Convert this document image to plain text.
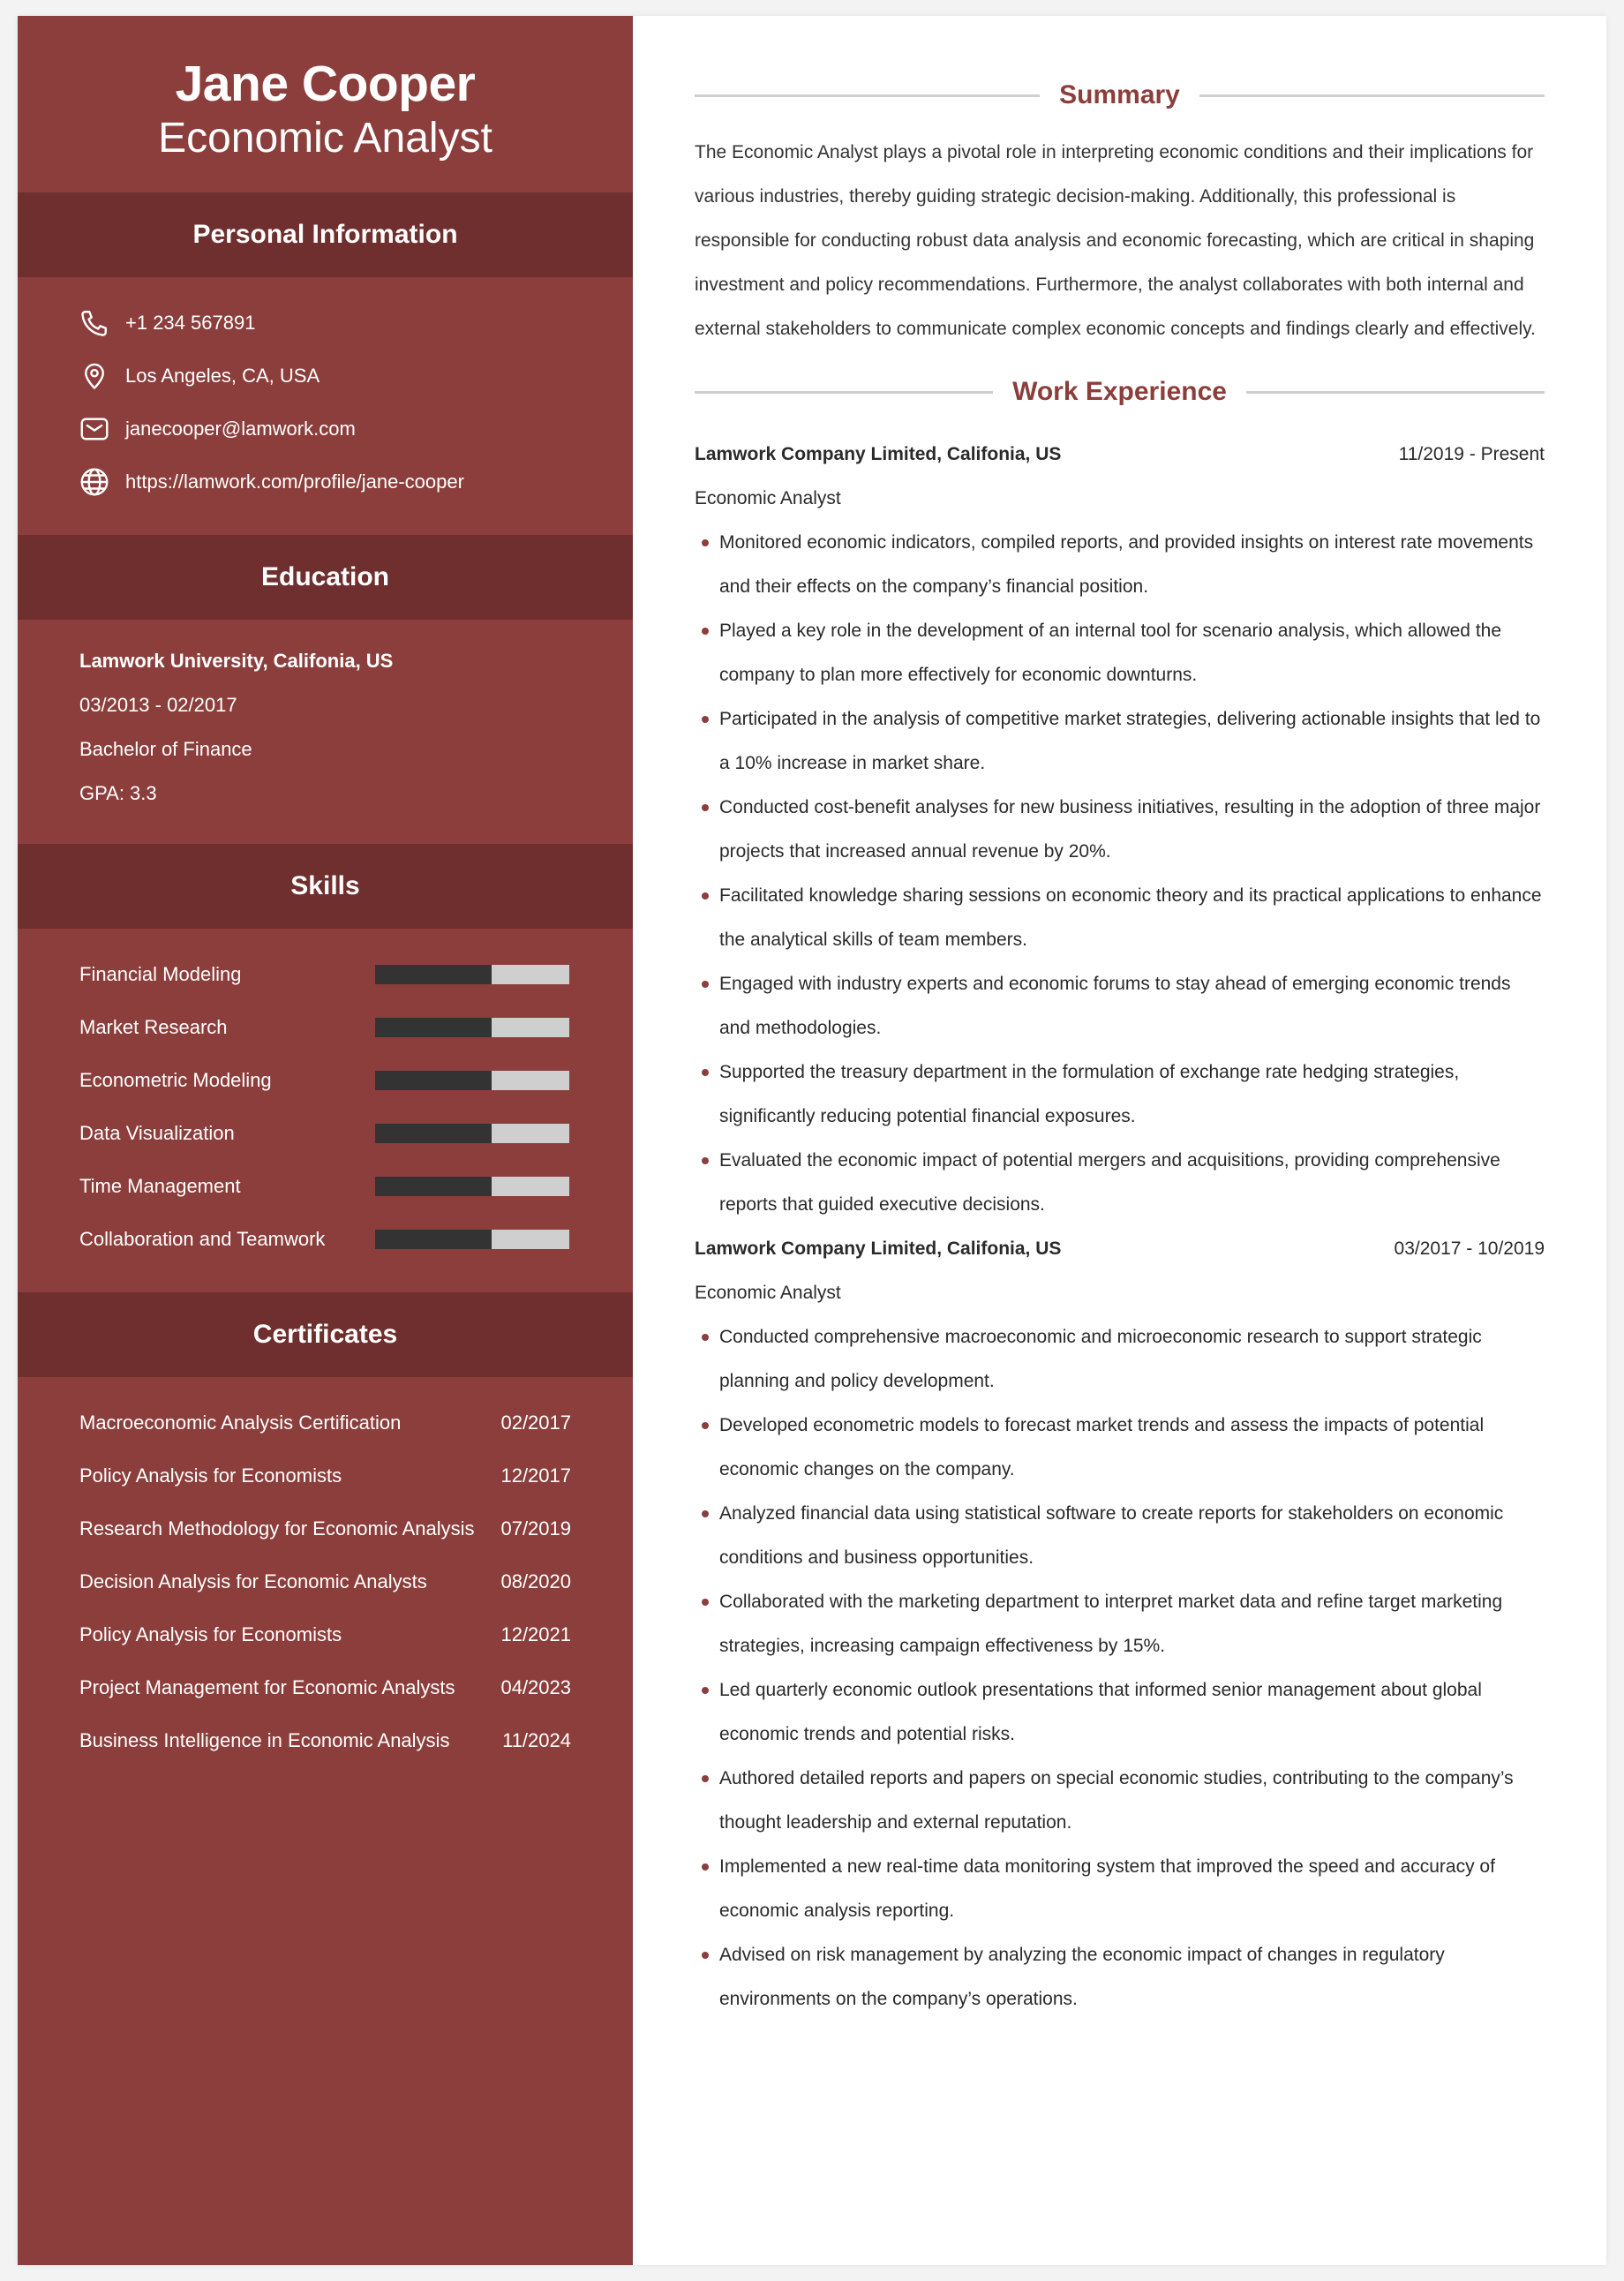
Jane Cooper
Economic Analyst
Personal Information
+1 234 567891
Los Angeles, CA, USA
janecooper@lamwork.com
https://lamwork.com/profile/jane-cooper
Education
Lamwork University, Califonia, US
03/2013 - 02/2017
Bachelor of Finance
GPA: 3.3
Skills
Financial Modeling
Market Research
Econometric Modeling
Data Visualization
Time Management
Collaboration and Teamwork
Certificates
Macroeconomic Analysis Certification	02/2017
Policy Analysis for Economists	12/2017
Research Methodology for Economic Analysis 07/2019
Decision Analysis for Economic Analysts	08/2020
Policy Analysis for Economists	12/2021
Project Management for Economic Analysts 04/2023
Business Intelligence in Economic Analysis	11/2024
Summary
The Economic Analyst plays a pivotal role in interpreting economic conditions and their implications for various industries, thereby guiding strategic decision-making. Additionally, this professional is responsible for conducting robust data analysis and economic forecasting, which are critical in shaping investment and policy recommendations. Furthermore, the analyst collaborates with both internal and external stakeholders to communicate complex economic concepts and findings clearly and effectively.
Work Experience
Lamwork Company Limited, Califonia, US	11/2019 - Present
Economic Analyst
Monitored economic indicators, compiled reports, and provided insights on interest rate movements and their effects on the company’s financial position.
Played a key role in the development of an internal tool for scenario analysis, which allowed the company to plan more effectively for economic downturns.
Participated in the analysis of competitive market strategies, delivering actionable insights that led to a 10% increase in market share.
Conducted cost-benefit analyses for new business initiatives, resulting in the adoption of three major projects that increased annual revenue by 20%.
Facilitated knowledge sharing sessions on economic theory and its practical applications to enhance the analytical skills of team members.
Engaged with industry experts and economic forums to stay ahead of emerging economic trends and methodologies.
Supported the treasury department in the formulation of exchange rate hedging strategies, significantly reducing potential financial exposures.
Evaluated the economic impact of potential mergers and acquisitions, providing comprehensive reports that guided executive decisions.
Lamwork Company Limited, Califonia, US	03/2017 - 10/2019
Economic Analyst
Conducted comprehensive macroeconomic and microeconomic research to support strategic planning and policy development.
Developed econometric models to forecast market trends and assess the impacts of potential economic changes on the company.
Analyzed financial data using statistical software to create reports for stakeholders on economic conditions and business opportunities.
Collaborated with the marketing department to interpret market data and refine target marketing strategies, increasing campaign effectiveness by 15%.
Led quarterly economic outlook presentations that informed senior management about global economic trends and potential risks.
Authored detailed reports and papers on special economic studies, contributing to the company’s thought leadership and external reputation.
Implemented a new real-time data monitoring system that improved the speed and accuracy of economic analysis reporting.
Advised on risk management by analyzing the economic impact of changes in regulatory environments on the company’s operations.
